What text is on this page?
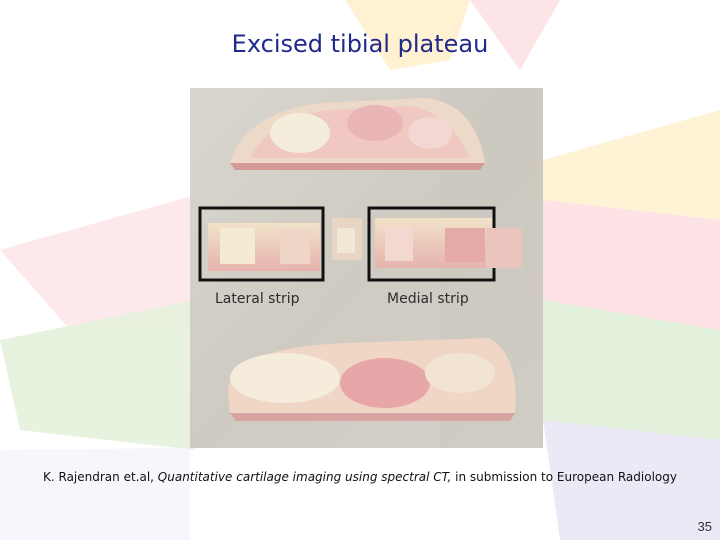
Excised tibial plateau
Lateral strip	Medial strip
K. Rajendran et.al, Quantitative cartilage imaging using spectral CT, in submission to European Radiology
35
